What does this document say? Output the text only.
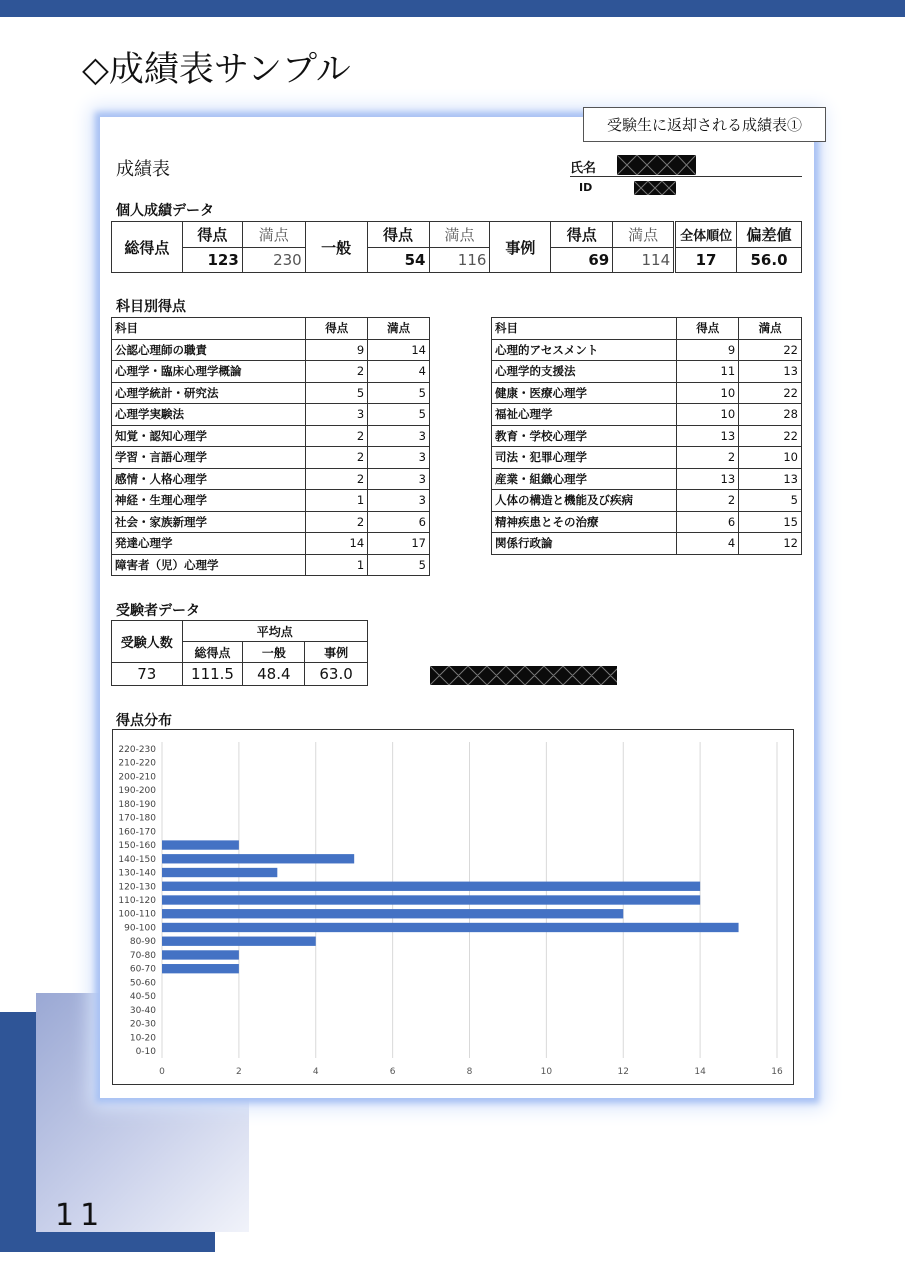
11
◇成績表サンプル
受験生に返却される成績表①
成績表	氏名
ID
個人成績データ
総得点	得点	満点	一般	得点	満点	事例	得点	満点	全体順位	偏差値
	123	230		54	116		69	114	17	56.0
科目別得点
科目	得点	満点
公認心理師の職責	9	14
心理学・臨床心理学概論	2	4
心理学統計・研究法	5	5
心理学実験法	3	5
知覚・認知心理学	2	3
学習・言語心理学	2	3
感情・人格心理学	2	3
神経・生理心理学	1	3
社会・家族新理学	2	6
発達心理学	14	17
障害者（児）心理学	1	5
科目	得点	満点
心理的アセスメント	9	22
心理学的支援法	11	13
健康・医療心理学	10	22
福祉心理学	10	28
教育・学校心理学	13	22
司法・犯罪心理学	2	10
産業・組織心理学	13	13
人体の構造と機能及び疾病	2	5
精神疾患とその治療	6	15
関係行政論	4	12
受験者データ
受験人数	平均点		
	総得点	一般	事例
73	111.5	48.4	63.0
得点分布
0	2	4	6	8	10	12	14	16
0-10
10-20
20-30
30-40
40-50
50-60
60-70
70-80
80-90
90-100
100-110
110-120
120-130
130-140
140-150
150-160
160-170
170-180
180-190
190-200
200-210
210-220
220-230
